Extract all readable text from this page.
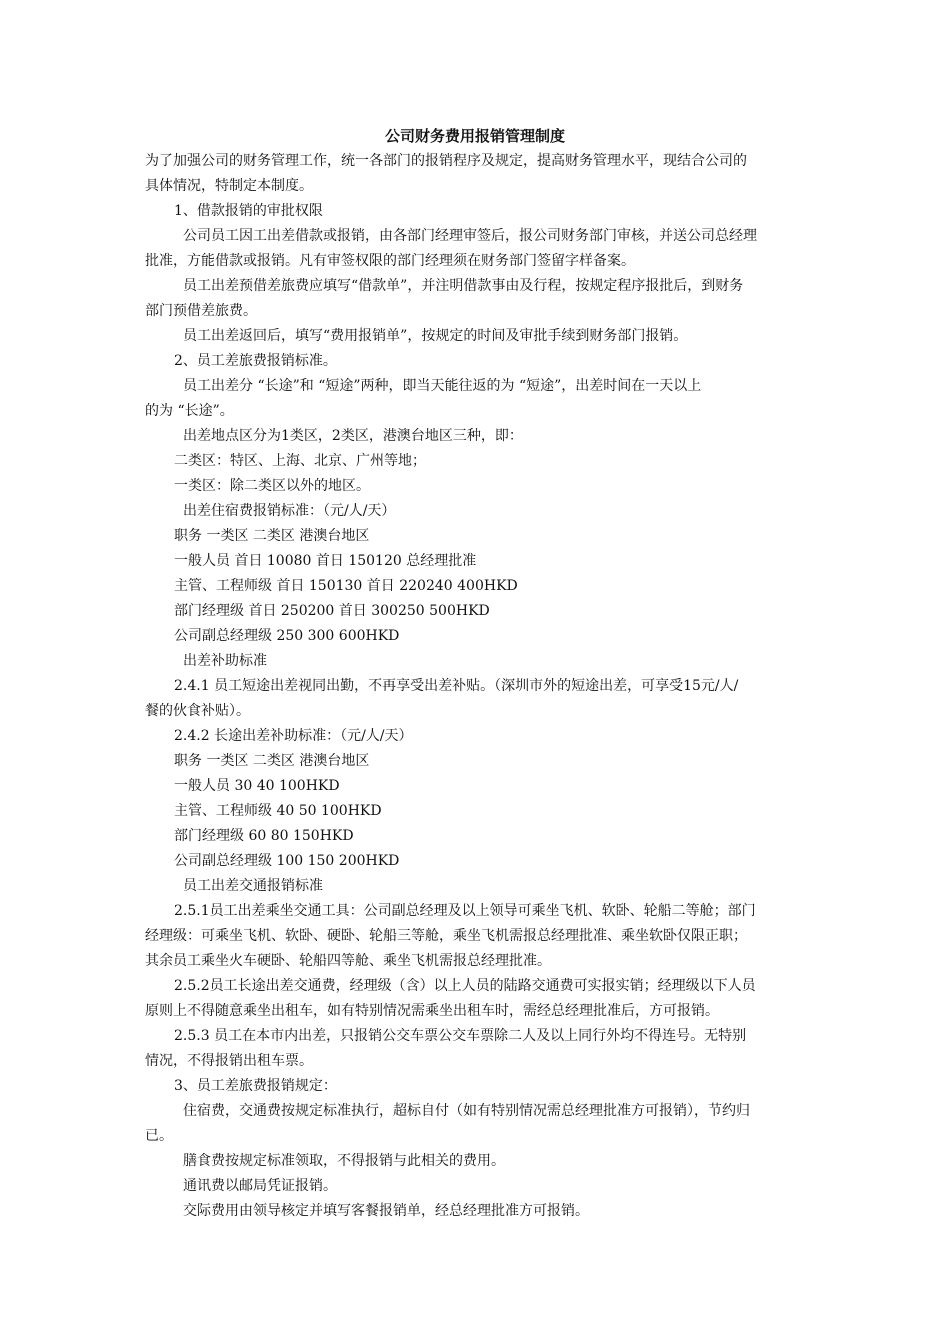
公司财务费用报销管理制度
为了加强公司的财务管理工作，统一各部门的报销程序及规定，提高财务管理水平，现结合公司的
具体情况，特制定本制度。
1、借款报销的审批权限
公司员工因工出差借款或报销，由各部门经理审签后，报公司财务部门审核，并送公司总经理
批准，方能借款或报销。凡有审签权限的部门经理须在财务部门签留字样备案。
员工出差预借差旅费应填写“借款单”，并注明借款事由及行程，按规定程序报批后，到财务
部门预借差旅费。
员工出差返回后，填写“费用报销单”，按规定的时间及审批手续到财务部门报销。
2、员工差旅费报销标准。
员工出差分 “长途”和 “短途”两种，即当天能往返的为 “短途”，出差时间在一天以上
的为 “长途”。
出差地点区分为1类区，2类区，港澳台地区三种，即：
二类区：特区、上海、北京、广州等地；
一类区：除二类区以外的地区。
出差住宿费报销标准：（元/人/天）
职务 一类区 二类区 港澳台地区
一般人员 首日 10080 首日 150120 总经理批准
主管、工程师级 首日 150130 首日 220240 400HKD
部门经理级 首日 250200 首日 300250 500HKD
公司副总经理级 250 300 600HKD
出差补助标准
2.4.1 员工短途出差视同出勤，不再享受出差补贴。（深圳市外的短途出差，可享受15元/人/
餐的伙食补贴）。
2.4.2 长途出差补助标准：（元/人/天）
职务 一类区 二类区 港澳台地区
一般人员 30 40 100HKD
主管、工程师级 40 50 100HKD
部门经理级 60 80 150HKD
公司副总经理级 100 150 200HKD
员工出差交通报销标准
2.5.1员工出差乘坐交通工具：公司副总经理及以上领导可乘坐飞机、软卧、轮船二等舱；部门
经理级：可乘坐飞机、软卧、硬卧、轮船三等舱，乘坐飞机需报总经理批准、乘坐软卧仅限正职；
其余员工乘坐火车硬卧、轮船四等舱、乘坐飞机需报总经理批准。
2.5.2员工长途出差交通费，经理级（含）以上人员的陆路交通费可实报实销；经理级以下人员
原则上不得随意乘坐出租车，如有特别情况需乘坐出租车时，需经总经理批准后，方可报销。
2.5.3 员工在本市内出差，只报销公交车票公交车票除二人及以上同行外均不得连号。无特别
情况，不得报销出租车票。
3、员工差旅费报销规定：
住宿费，交通费按规定标准执行，超标自付（如有特别情况需总经理批准方可报销），节约归
已。
膳食费按规定标准领取，不得报销与此相关的费用。
通讯费以邮局凭证报销。
交际费用由领导核定并填写客餐报销单，经总经理批准方可报销。
